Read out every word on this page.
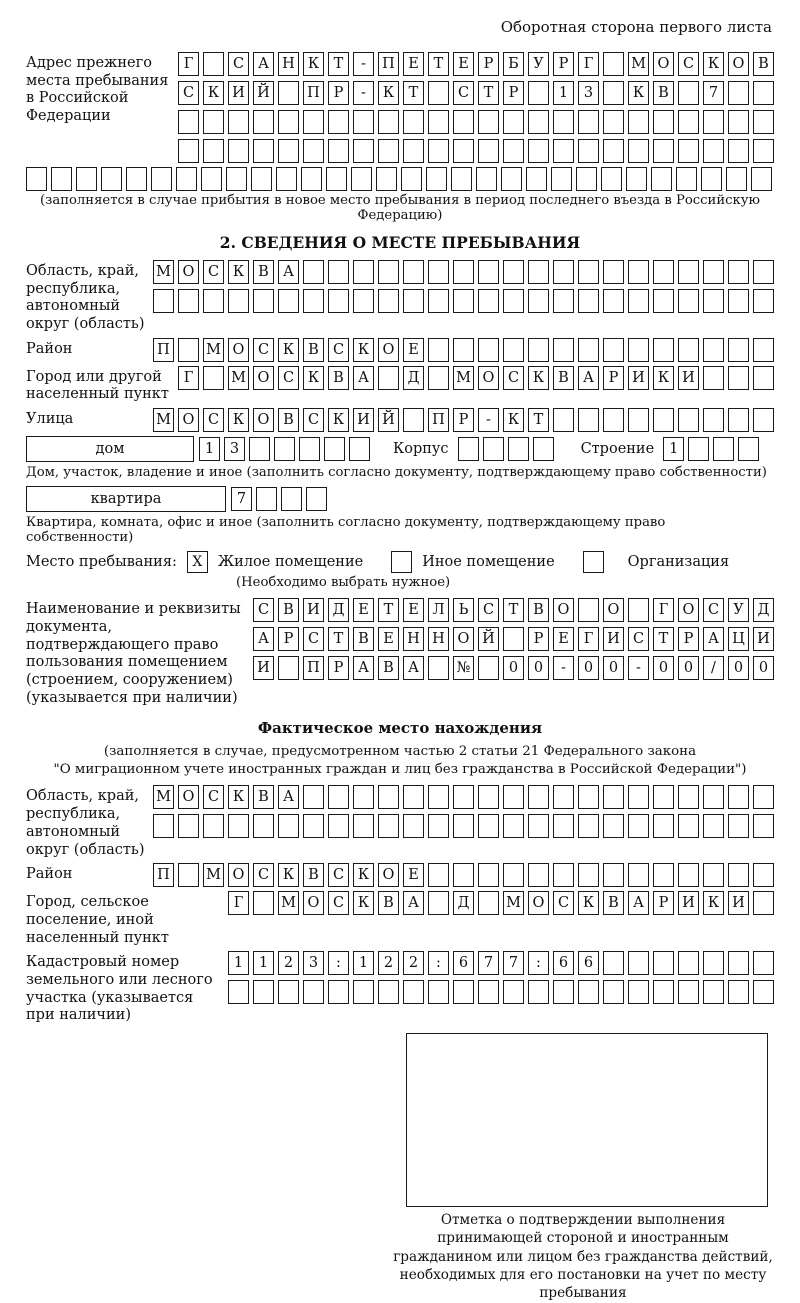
Оборотная сторона первого листа
Адрес прежнего места пребывания в Российской Федерации
Г	С А Н К	Т	-	П Е	Т	Е	Р	Б У	Р	Г	М О С К О В
С К И Й	П Р	-	К	Т	С	Т	Р	1	3	К В	7
(заполняется в случае прибытия в новое место пребывания в период последнего въезда в Российскую Федерацию)
2. СВЕДЕНИЯ О МЕСТЕ ПРЕБЫВАНИЯ
Область, край, республика, автономный округ (область)
М О С К В А
Район	П М О С К В С К О Е
Город или другой населенный пункт
Г	М О С К В А	Д	М О С К В А	Р И К И
Улица	М О С К О В С К И Й	П Р	-	К	Т
дом	1	3	Корпус	Строение	1
Дом, участок, владение и иное (заполнить согласно документу, подтверждающему право собственности)
квартира	7
Квартира, комната, офис и иное (заполнить согласно документу, подтверждающему право собственности)
Место пребывания:	X	Жилое помещение	Иное помещение	Организация
(Необходимо выбрать нужное)
Наименование и реквизиты документа, подтверждающего право пользования помещением (строением, сооружением) (указывается при наличии)
С В И Д Е	Т	Е Л Ь	С	Т	В О	О	Г О С У Д
А	Р	С	Т	В Е Н Н О Й	Р	Е	Г И С	Т	Р	А Ц И
И	П Р	А В А	№	0	0	-	0	0	-	0	0	/	0	0
Фактическое место нахождения
(заполняется в случае, предусмотренном частью 2 статьи 21 Федерального закона
"О миграционном учете иностранных граждан и лиц без гражданства в Российской Федерации")
Область, край, республика, автономный округ (область)
М О С К В А
Район	П М О С К В С К О Е
Город, сельское поселение, иной населенный пункт
Г	М О С К В А	Д	М О С К В А	Р И К И
Кадастровый номер земельного или лесного участка (указывается при наличии)
1	1	2	3	:	1	2	2	:	6	7	7	:	6	6
Отметка о подтверждении выполнения принимающей стороной и иностранным гражданином или лицом без гражданства действий, необходимых для его постановки на учет по месту пребывания
